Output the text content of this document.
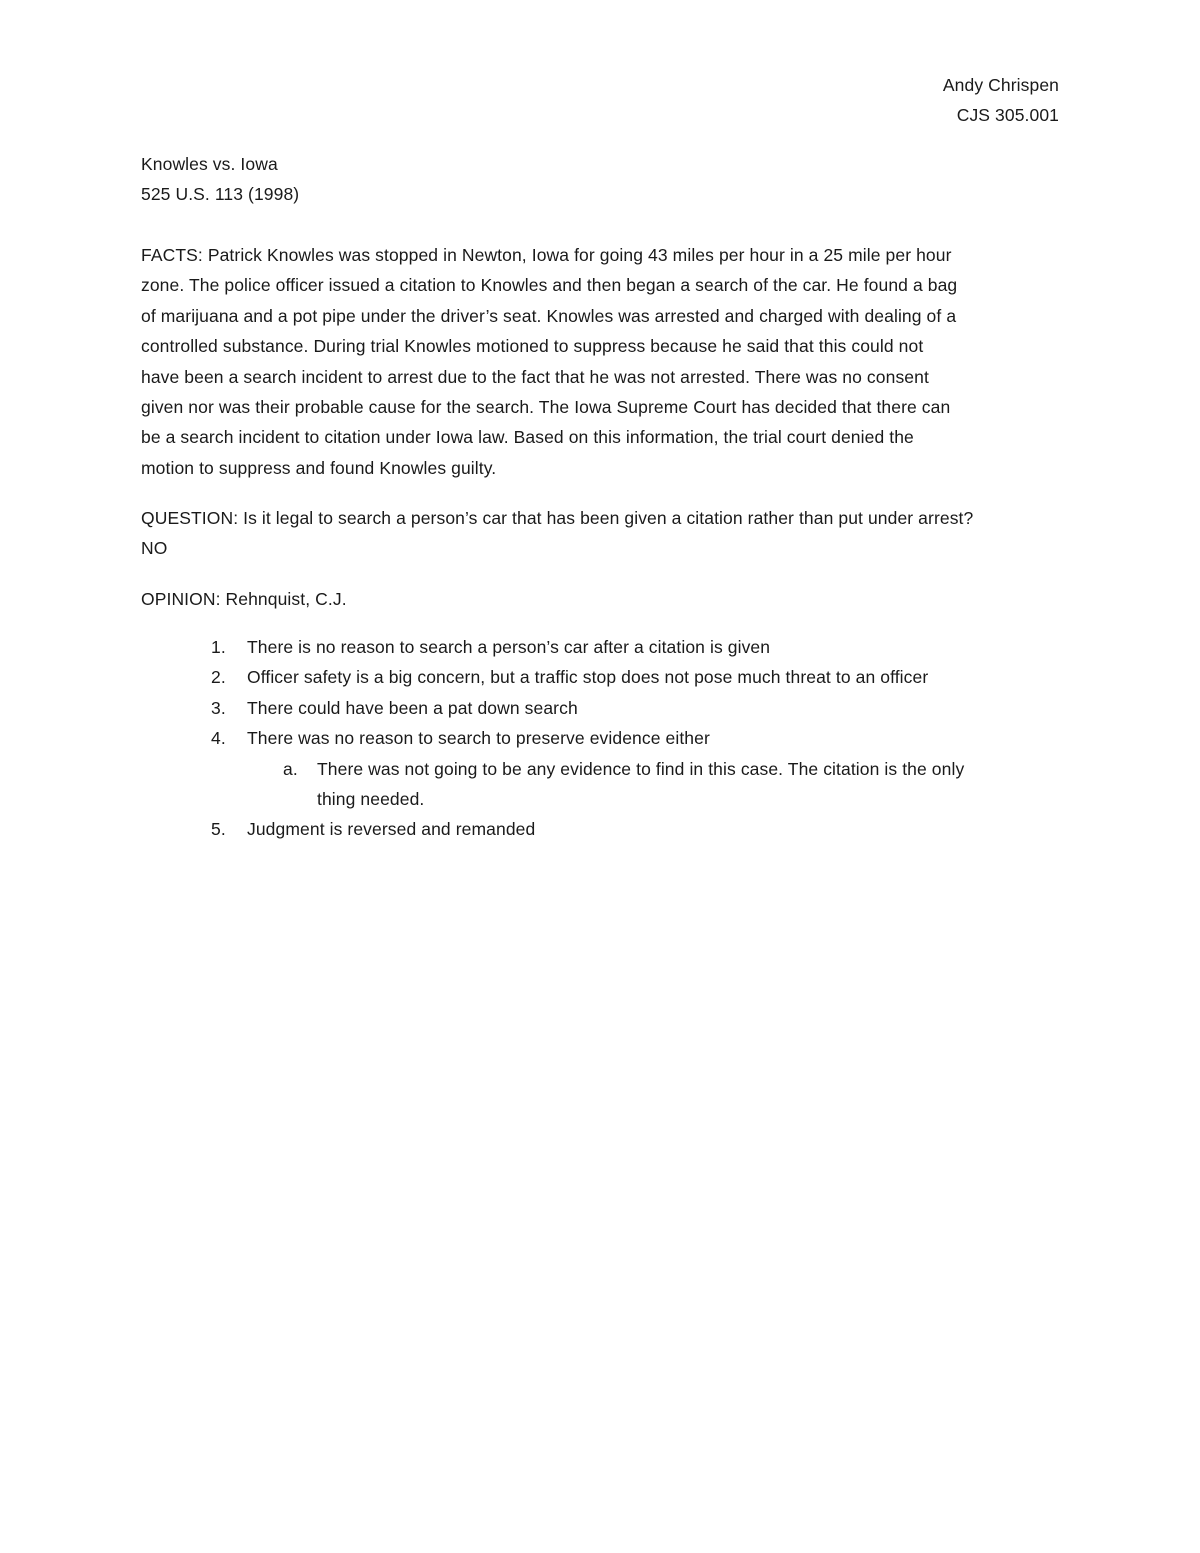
Andy Chrispen
CJS 305.001
Knowles vs. Iowa
525 U.S. 113 (1998)
FACTS: Patrick Knowles was stopped in Newton, Iowa for going 43 miles per hour in a 25 mile per hour
zone. The police officer issued a citation to Knowles and then began a search of the car. He found a bag
of marijuana and a pot pipe under the driver’s seat. Knowles was arrested and charged with dealing of a
controlled substance. During trial Knowles motioned to suppress because he said that this could not
have been a search incident to arrest due to the fact that he was not arrested. There was no consent
given nor was their probable cause for the search. The Iowa Supreme Court has decided that there can
be a search incident to citation under Iowa law. Based on this information, the trial court denied the
motion to suppress and found Knowles guilty.
QUESTION: Is it legal to search a person’s car that has been given a citation rather than put under arrest?
NO
OPINION: Rehnquist, C.J.
1.	There is no reason to search a person’s car after a citation is given
2.	Officer safety is a big concern, but a traffic stop does not pose much threat to an officer
3.	There could have been a pat down search
4.	There was no reason to search to preserve evidence either
a. There was not going to be any evidence to find in this case. The citation is the only
thing needed.
5.	Judgment is reversed and remanded
